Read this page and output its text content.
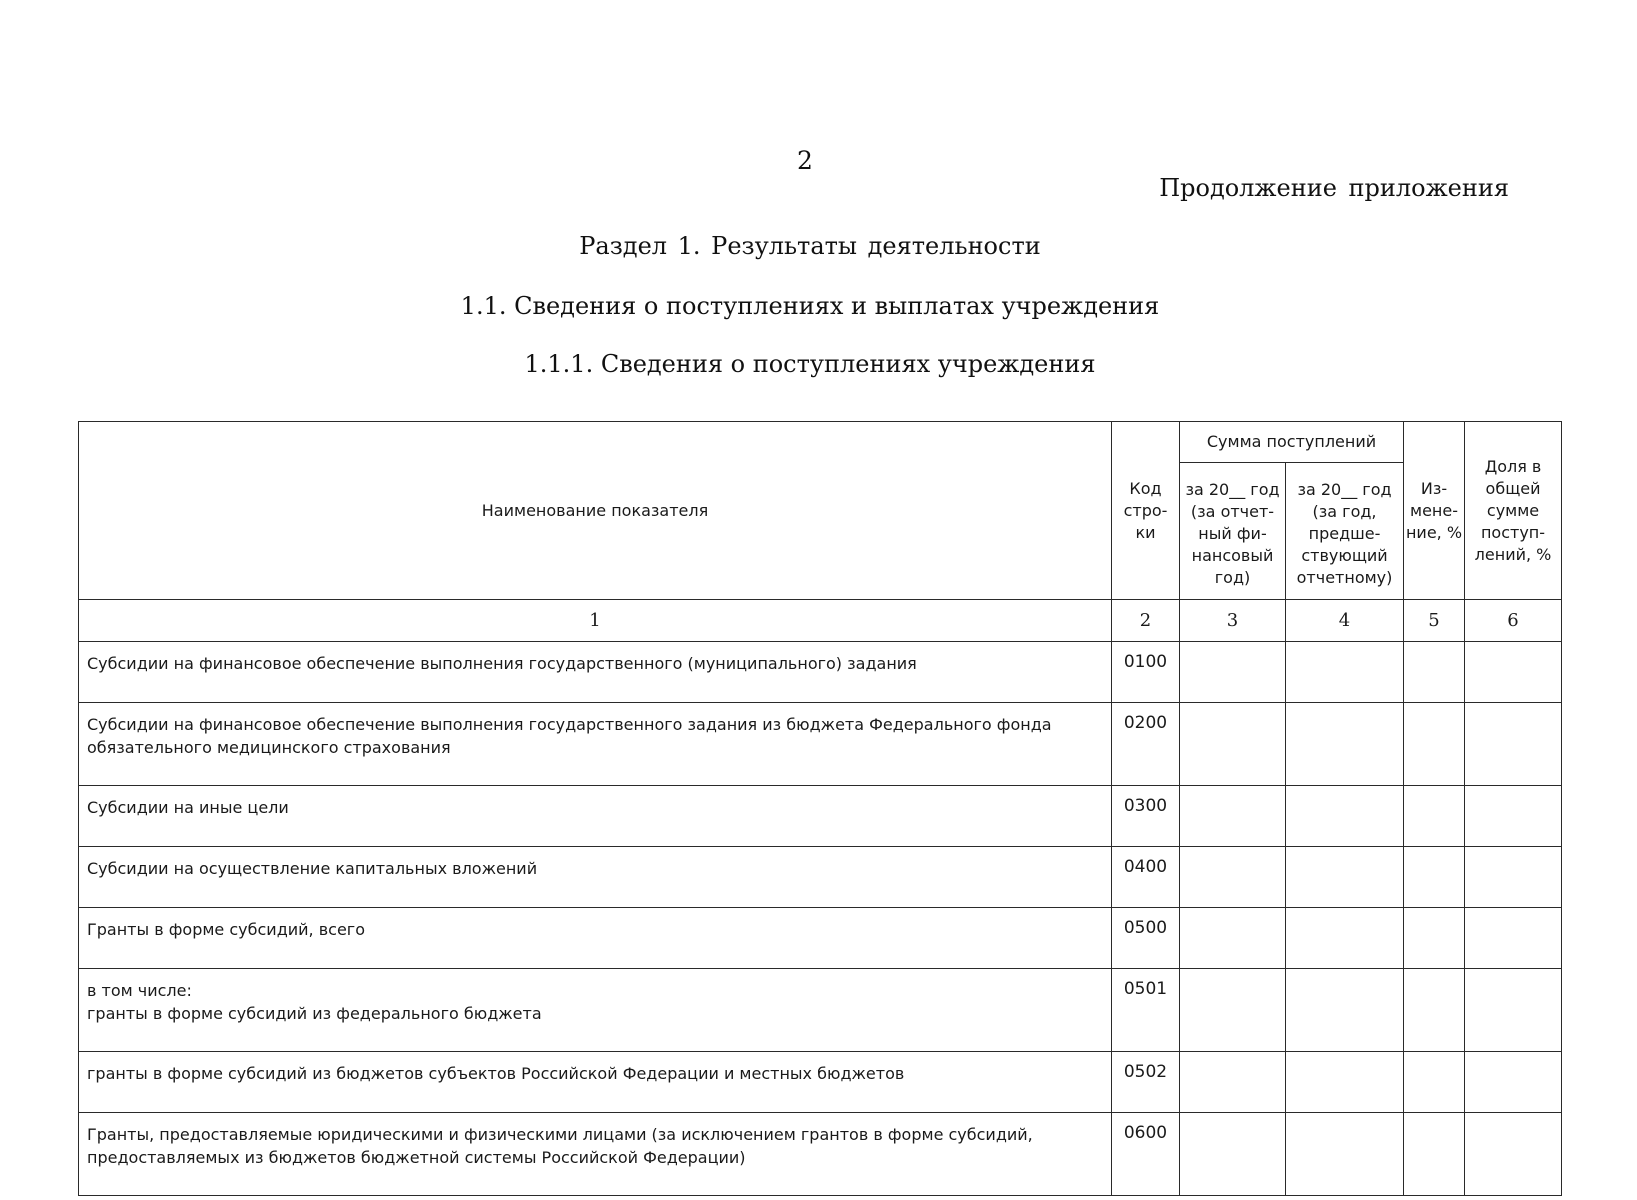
2
Продолжение приложения
Раздел 1. Результаты деятельности
1.1. Сведения о поступлениях и выплатах учреждения
1.1.1. Сведения о поступлениях учреждения
Наименование показателя	Код стро- ки	Сумма поступлений		Из- мене- ние, %	Доля в общей сумме поступ- лений, %
		за 20__ год (за отчет- ный фи- нансовый год)	за 20__ год (за год, предше- ствующий отчетному)		
1	2	3	4	5	6
Субсидии на финансовое обеспечение выполнения государственного (муниципального) задания	0100				
Субсидии на финансовое обеспечение выполнения государственного задания из бюджета Федерального фонда обязательного медицинского страхования	0200				
Субсидии на иные цели	0300				
Субсидии на осуществление капитальных вложений	0400				
Гранты в форме субсидий, всего	0500				

в том числе:
гранты в форме субсидий из федерального бюджета	0501				
гранты в форме субсидий из бюджетов субъектов Российской Федерации и местных бюджетов	0502				
Гранты, предоставляемые юридическими и физическими лицами (за исключением грантов в форме субсидий, предоставляемых из бюджетов бюджетной системы Российской Федерации)	0600				
